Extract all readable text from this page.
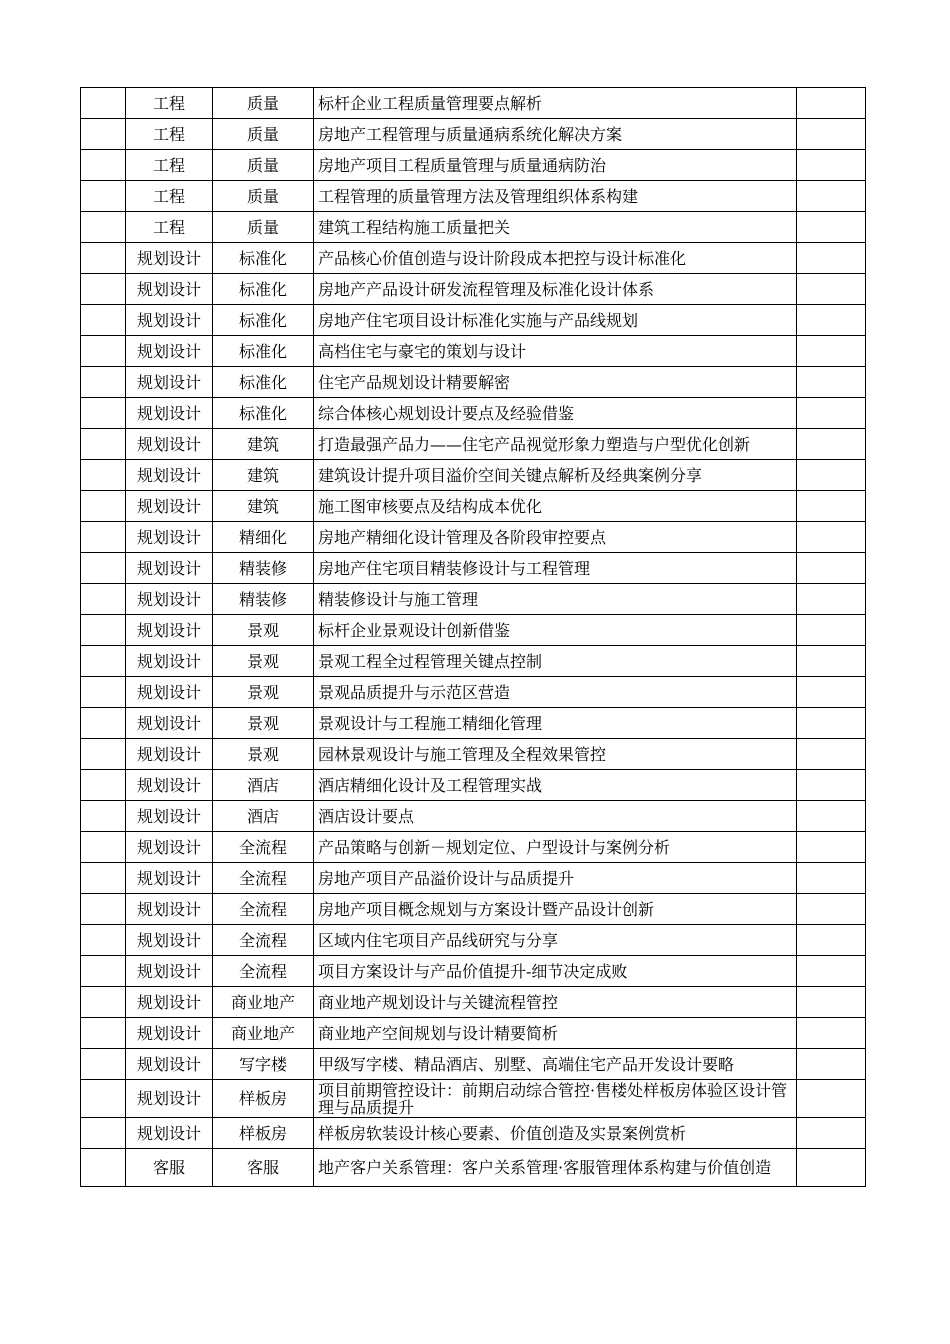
	工程	质量	标杆企业工程质量管理要点解析	
	工程	质量	房地产工程管理与质量通病系统化解决方案	
	工程	质量	房地产项目工程质量管理与质量通病防治	
	工程	质量	工程管理的质量管理方法及管理组织体系构建	
	工程	质量	建筑工程结构施工质量把关	
	规划设计	标准化	产品核心价值创造与设计阶段成本把控与设计标准化	
	规划设计	标准化	房地产产品设计研发流程管理及标准化设计体系	
	规划设计	标准化	房地产住宅项目设计标准化实施与产品线规划	
	规划设计	标准化	高档住宅与豪宅的策划与设计	
	规划设计	标准化	住宅产品规划设计精要解密	
	规划设计	标准化	综合体核心规划设计要点及经验借鉴	
	规划设计	建筑	打造最强产品力——住宅产品视觉形象力塑造与户型优化创新	
	规划设计	建筑	建筑设计提升项目溢价空间关键点解析及经典案例分享	
	规划设计	建筑	施工图审核要点及结构成本优化	
	规划设计	精细化	房地产精细化设计管理及各阶段审控要点	
	规划设计	精装修	房地产住宅项目精装修设计与工程管理	
	规划设计	精装修	精装修设计与施工管理	
	规划设计	景观	标杆企业景观设计创新借鉴	
	规划设计	景观	景观工程全过程管理关键点控制	
	规划设计	景观	景观品质提升与示范区营造	
	规划设计	景观	景观设计与工程施工精细化管理	
	规划设计	景观	园林景观设计与施工管理及全程效果管控	
	规划设计	酒店	酒店精细化设计及工程管理实战	
	规划设计	酒店	酒店设计要点	
	规划设计	全流程	产品策略与创新－规划定位、户型设计与案例分析	
	规划设计	全流程	房地产项目产品溢价设计与品质提升	
	规划设计	全流程	房地产项目概念规划与方案设计暨产品设计创新	
	规划设计	全流程	区域内住宅项目产品线研究与分享	
	规划设计	全流程	项目方案设计与产品价值提升-细节决定成败	
	规划设计	商业地产	商业地产规划设计与关键流程管控	
	规划设计	商业地产	商业地产空间规划与设计精要简析	
	规划设计	写字楼	甲级写字楼、精品酒店、别墅、高端住宅产品开发设计要略	
	规划设计	样板房	项目前期管控设计：前期启动综合管控·售楼处样板房体验区设计管理与品质提升	
	规划设计	样板房	样板房软装设计核心要素、价值创造及实景案例赏析	
	客服	客服	地产客户关系管理：客户关系管理·客服管理体系构建与价值创造	
